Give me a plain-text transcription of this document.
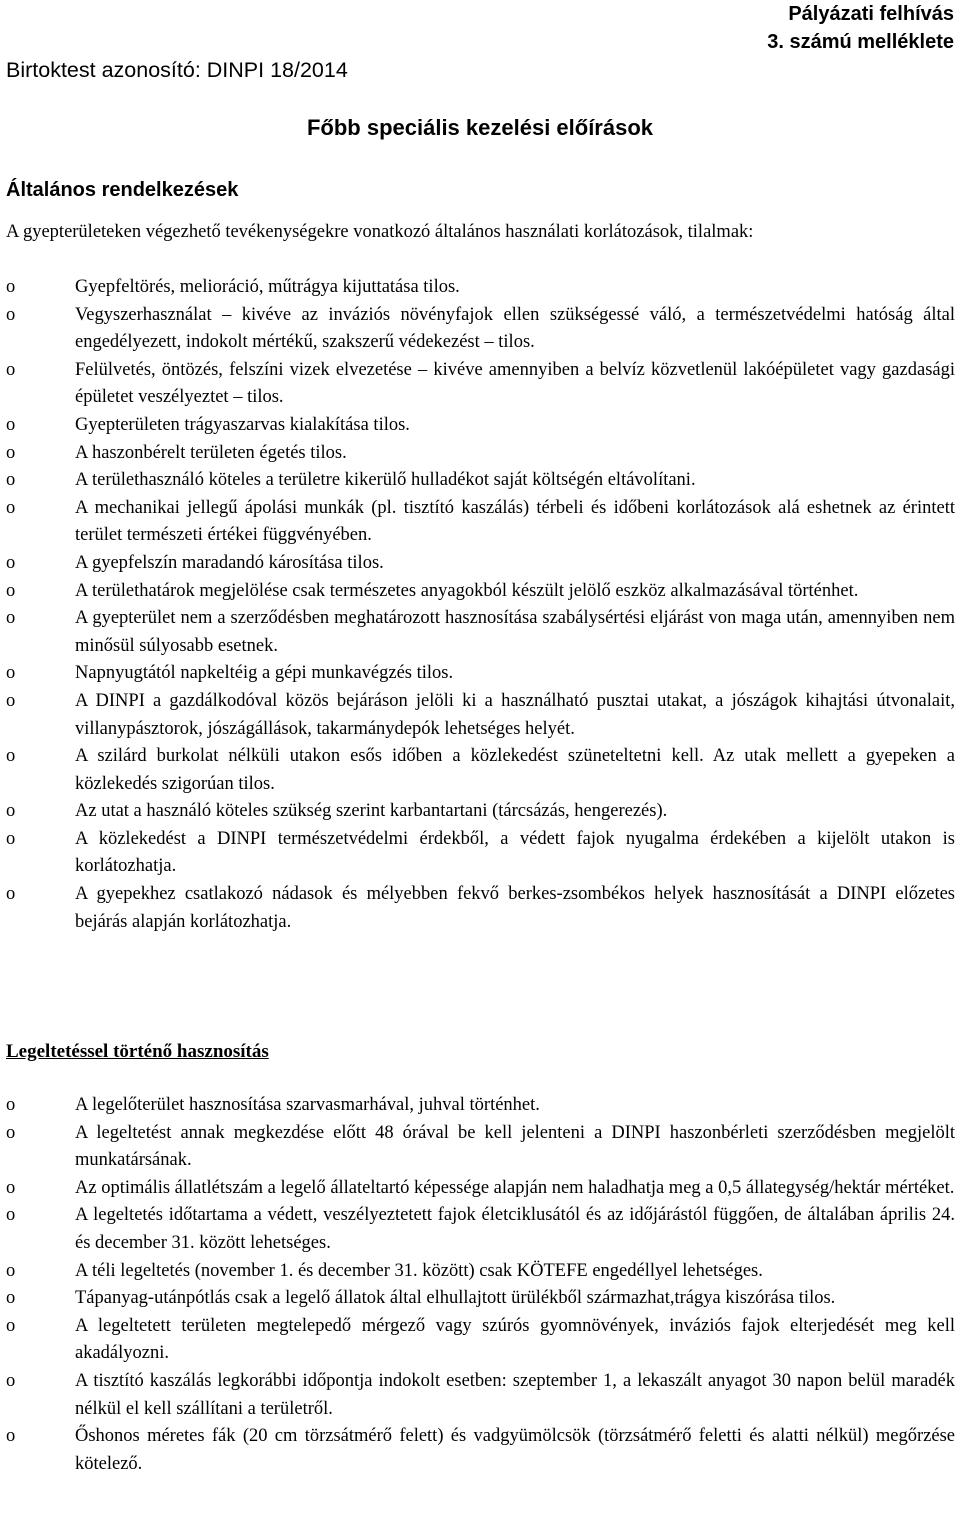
Birtoktest azonosító: DINPI 18/2014
Pályázati felhívás
3. számú melléklete
Főbb speciális kezelési előírások
Általános rendelkezések
A gyepterületeken végezhető tevékenységekre vonatkozó általános használati korlátozások, tilalmak:
o	Gyepfeltörés, melioráció, műtrágya kijuttatása tilos.
o	Vegyszerhasználat – kivéve az inváziós növényfajok ellen szükségessé váló, a természetvédelmi hatóság által engedélyezett, indokolt mértékű, szakszerű védekezést – tilos.
o	Felülvetés, öntözés, felszíni vizek elvezetése – kivéve amennyiben a belvíz közvetlenül lakóépületet vagy gazdasági épületet veszélyeztet – tilos.
o	Gyepterületen trágyaszarvas kialakítása tilos.
o	A haszonbérelt területen égetés tilos.
o	A területhasználó köteles a területre kikerülő hulladékot saját költségén eltávolítani.
o	A mechanikai jellegű ápolási munkák (pl. tisztító kaszálás) térbeli és időbeni korlátozások alá eshetnek az érintett terület természeti értékei függvényében.
o	A gyepfelszín maradandó károsítása tilos.
o	A területhatárok megjelölése csak természetes anyagokból készült jelölő eszköz alkalmazásával történhet.
o	A gyepterület nem a szerződésben meghatározott hasznosítása szabálysértési eljárást von maga után, amennyiben nem minősül súlyosabb esetnek.
o	Napnyugtától napkeltéig a gépi munkavégzés tilos.
o	A DINPI a gazdálkodóval közös bejáráson jelöli ki a használható pusztai utakat, a jószágok kihajtási útvonalait, villanypásztorok, jószágállások, takarmánydepók lehetséges helyét.
o	A szilárd burkolat nélküli utakon esős időben a közlekedést szüneteltetni kell. Az utak mellett a gyepeken a közlekedés szigorúan tilos.
o	Az utat a használó köteles szükség szerint karbantartani (tárcsázás, hengerezés).
o	A közlekedést a DINPI természetvédelmi érdekből, a védett fajok nyugalma érdekében a kijelölt utakon is korlátozhatja.
o	A gyepekhez csatlakozó nádasok és mélyebben fekvő berkes-zsombékos helyek hasznosítását a DINPI előzetes bejárás alapján korlátozhatja.
Legeltetéssel történő hasznosítás
o	A legelőterület hasznosítása szarvasmarhával, juhval történhet.
o	A legeltetést annak megkezdése előtt 48 órával be kell jelenteni a DINPI haszonbérleti szerződésben megjelölt munkatársának.
o	Az optimális állatlétszám a legelő állateltartó képessége alapján nem haladhatja meg a 0,5 állategység/hektár mértéket.
o	A legeltetés időtartama a védett, veszélyeztetett fajok életciklusától és az időjárástól függően, de általában április 24. és december 31. között lehetséges.
o	A téli legeltetés (november 1. és december 31. között) csak KÖTEFE engedéllyel lehetséges.
o	Tápanyag-utánpótlás csak a legelő állatok által elhullajtott ürülékből származhat,trágya kiszórása tilos.
o	A legeltetett területen megtelepedő mérgező vagy szúrós gyomnövények, inváziós fajok elterjedését meg kell akadályozni.
o	A tisztító kaszálás legkorábbi időpontja indokolt esetben: szeptember 1, a lekaszált anyagot 30 napon belül maradék nélkül el kell szállítani a területről.
o	Őshonos méretes fák (20 cm törzsátmérő felett) és vadgyümölcsök (törzsátmérő feletti és alatti nélkül) megőrzése kötelező.
